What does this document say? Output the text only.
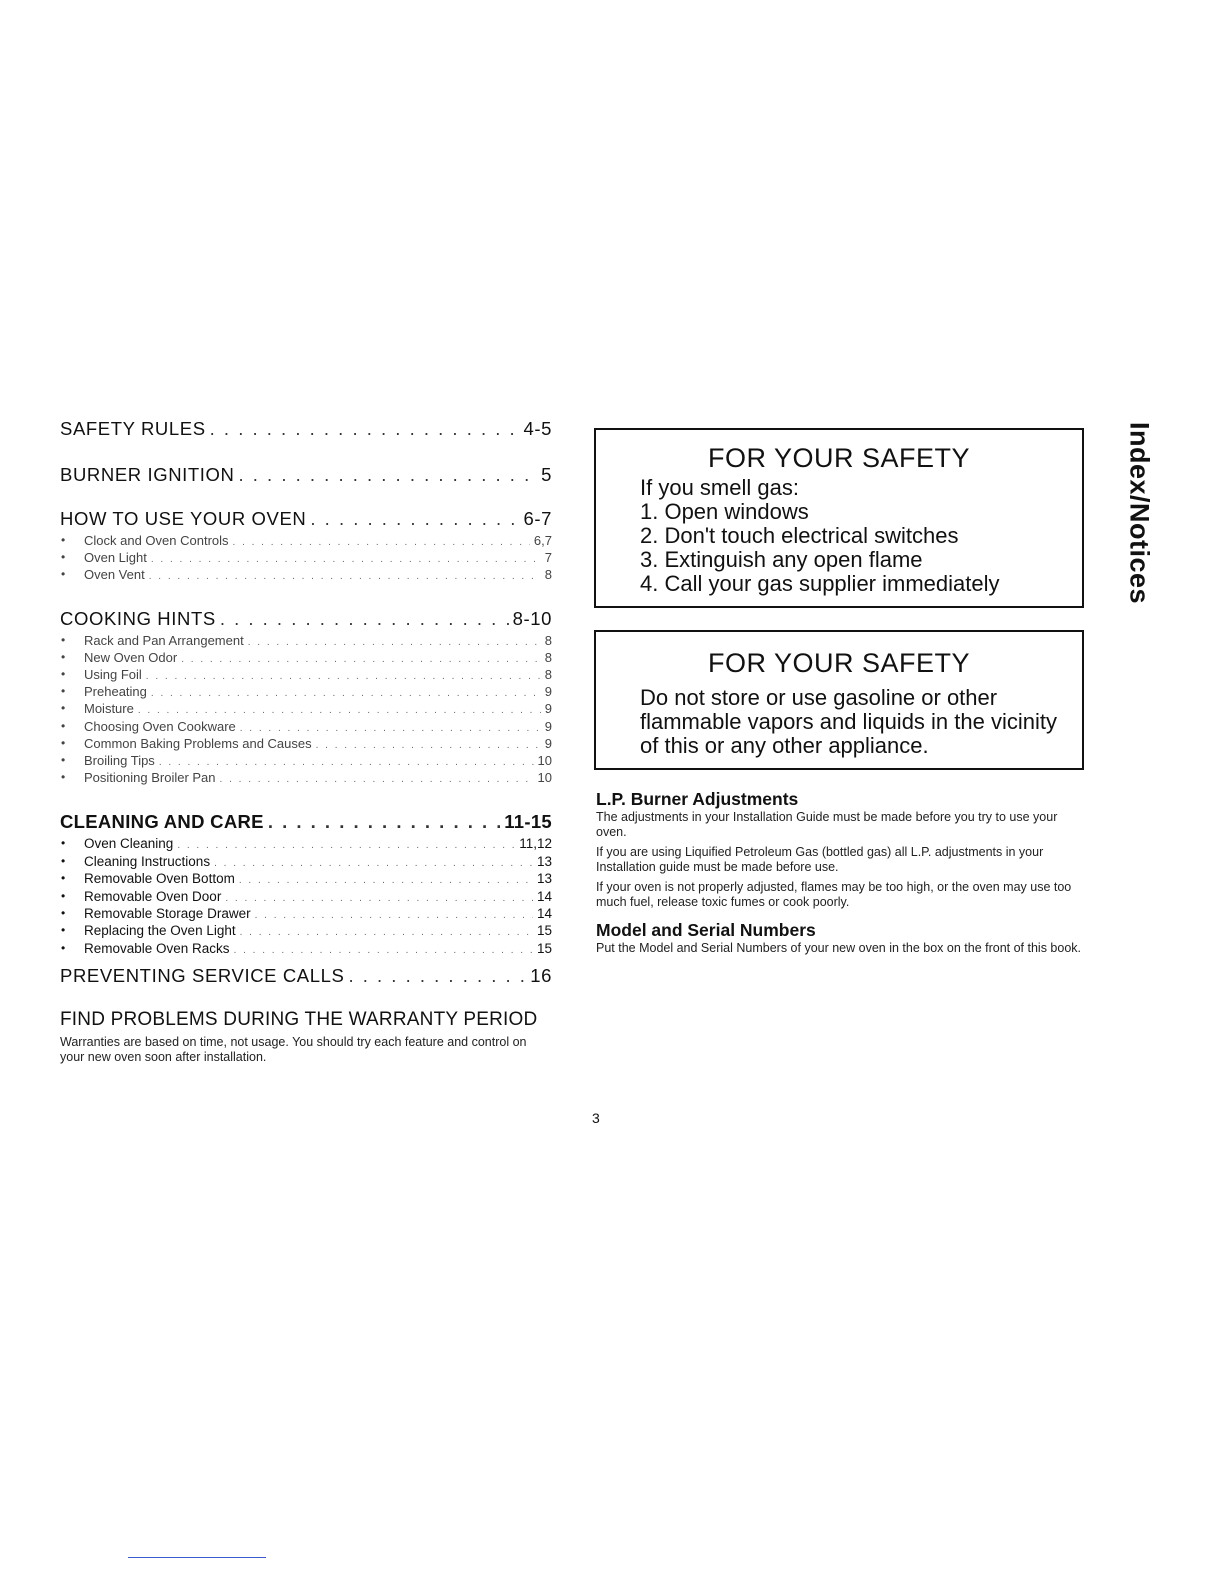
SAFETY RULES . . .	4-5
BURNER IGNITION . . .	5
HOW TO USE YOUR OVEN . . .	6-7
• Clock and Oven Controls . . .	6,7
• Oven Light . . .	7
• Oven Vent . . .	8
COOKING HINTS . . .	8-10
• Rack and Pan Arrangement . . .	8
• New Oven Odor . . .	8
• Using Foil . . .	8
• Preheating . . .	9
• Moisture . . .	9
• Choosing Oven Cookware . . .	9
• Common Baking Problems and Causes . . .	9
• Broiling Tips . . .	10
• Positioning Broiler Pan . . .	10
CLEANING AND CARE . . .	11-15
• Oven Cleaning . . .	11,12
• Cleaning Instructions . . .	13
• Removable Oven Bottom . . .	13
• Removable Oven Door . . .	14
• Removable Storage Drawer . . .	14
• Replacing the Oven Light . . .	15
• Removable Oven Racks . . .	15
PREVENTING SERVICE CALLS . . .	16
FIND PROBLEMS DURING THE WARRANTY PERIOD

Warranties are based on time, not usage. You should try each feature and control on your new oven soon after installation.

FOR YOUR SAFETY
If you smell gas:
1. Open windows
2. Don't touch electrical switches
3. Extinguish any open flame
4. Call your gas supplier immediately
FOR YOUR SAFETY
Do not store or use gasoline or other flammable vapors and liquids in the vicinity of this or any other appliance.
L.P. Burner Adjustments

The adjustments in your Installation Guide must be made before you try to use your oven.

If you are using Liquified Petroleum Gas (bottled gas) all L.P. adjustments in your Installation guide must be made before use.

If your oven is not properly adjusted, flames may be too high, or the oven may use too much fuel, release toxic fumes or cook poorly.

Model and Serial Numbers

Put the Model and Serial Numbers of your new oven in the box on the front of this book.

3
Index/Notices
